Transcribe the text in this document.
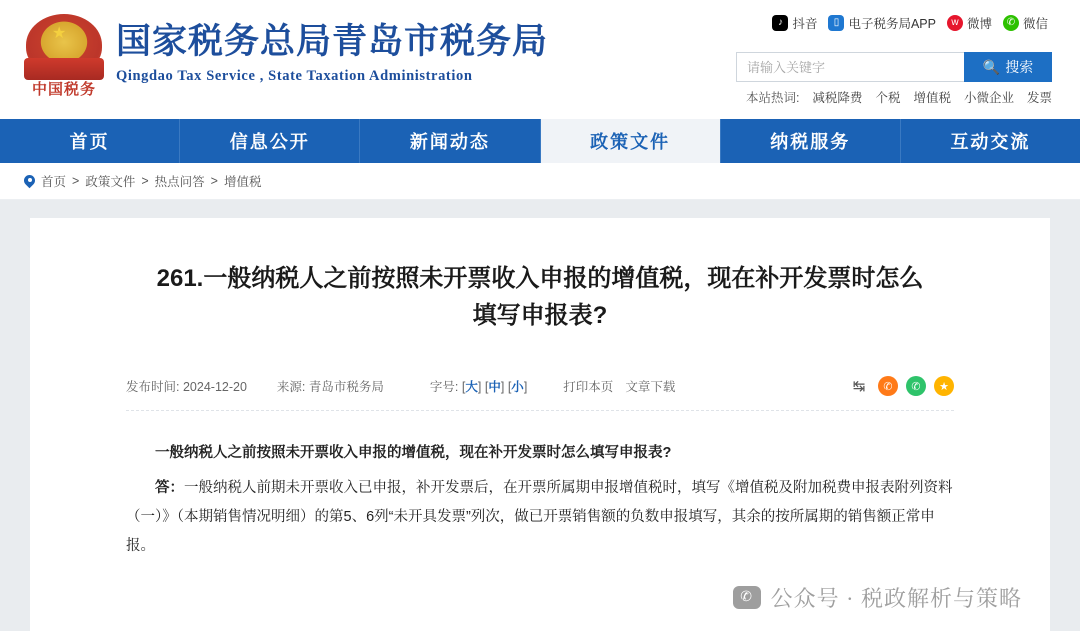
★
中国税务
国家税务总局青岛市税务局
Qingdao Tax Service , State Taxation Administration
♪ 抖音	▯ 电子税务局APP	w 微博	✆ 微信
请输入关键字
🔍 搜索
本站热词: 减税降费 个税 增值税 小微企业 发票
首页	信息公开	新闻动态	政策文件	纳税服务	互动交流
首页 > 政策文件 > 热点问答 > 增值税
261.一般纳税人之前按照未开票收入申报的增值税，现在补开发票时怎么填写申报表?
发布时间: 2024-12-20 来源: 青岛市税务局	字号: [大] [中] [小]	打印本页 文章下载	↹	✆	✆	★

一般纳税人之前按照未开票收入申报的增值税，现在补开发票时怎么填写申报表?

答：一般纳税人前期未开票收入已申报，补开发票后，在开票所属期申报增值税时，填写《增值税及附加税费申报表附列资料（一）》（本期销售情况明细）的第5、6列“未开具发票”列次，做已开票销售额的负数申报填写，其余的按所属期的销售额正常申报。

✆ 公众号 · 税政解析与策略
